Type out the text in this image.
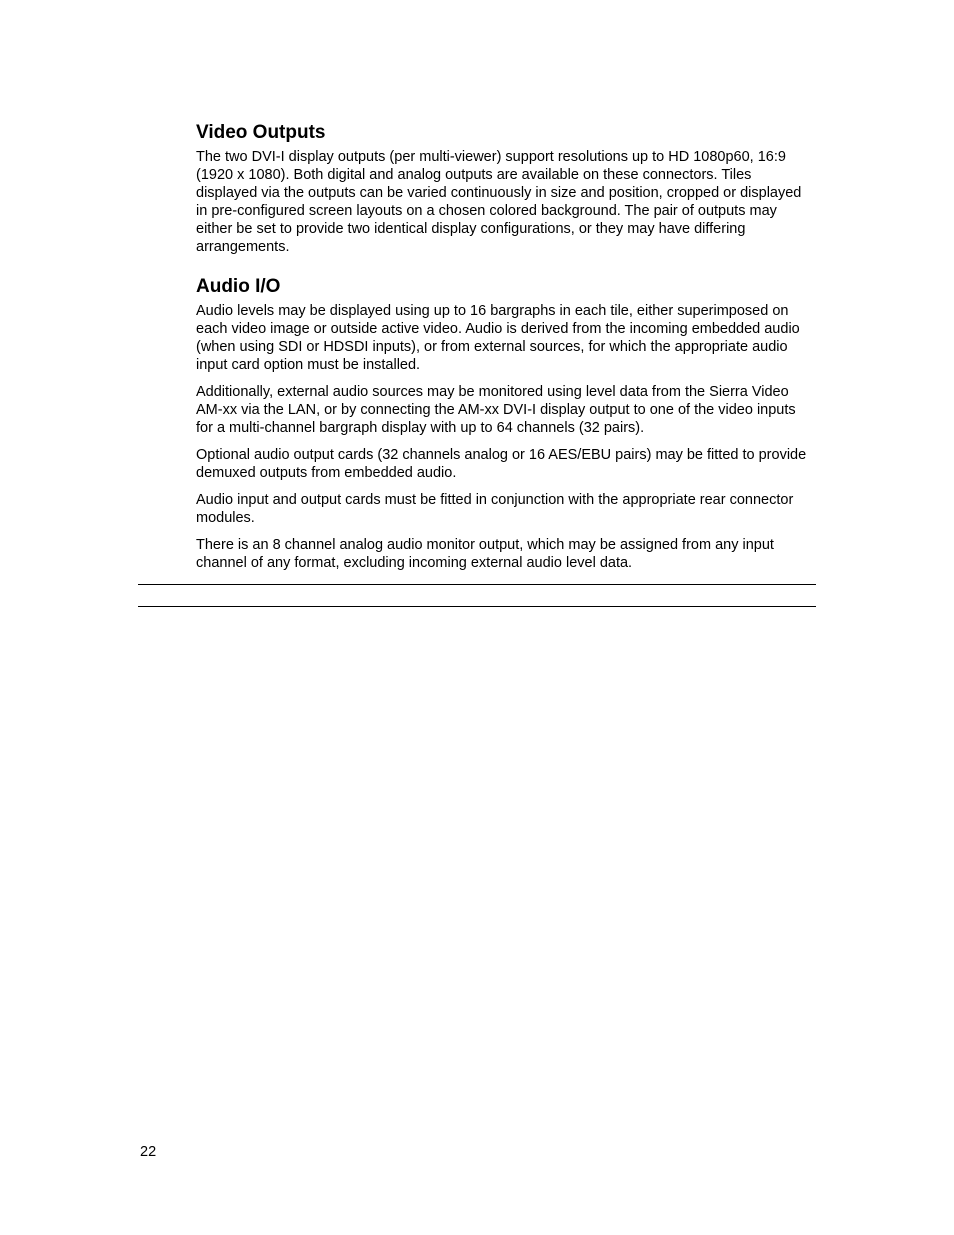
Video Outputs

The two DVI-I display outputs (per multi-viewer) support resolutions up to HD 1080p60, 16:9 (1920 x 1080). Both digital and analog outputs are available on these connectors. Tiles displayed via the outputs can be varied continuously in size and position, cropped or displayed in pre-configured screen layouts on a chosen colored background. The pair of outputs may either be set to provide two identical display configurations, or they may have differing arrangements.

Audio I/O

Audio levels may be displayed using up to 16 bargraphs in each tile, either superimposed on each video image or outside active video. Audio is derived from the incoming embedded audio (when using SDI or HDSDI inputs), or from external sources, for which the appropriate audio input card option must be installed.

Additionally, external audio sources may be monitored using level data from the Sierra Video AM-xx via the LAN, or by connecting the AM-xx DVI-I display output to one of the video inputs for a multi-channel bargraph display with up to 64 channels (32 pairs).

Optional audio output cards (32 channels analog or 16 AES/EBU pairs) may be fitted to provide demuxed outputs from embedded audio.

Audio input and output cards must be fitted in conjunction with the appropriate rear connector modules.

There is an 8 channel analog audio monitor output, which may be assigned from any input channel of any format, excluding incoming external audio level data.

22
